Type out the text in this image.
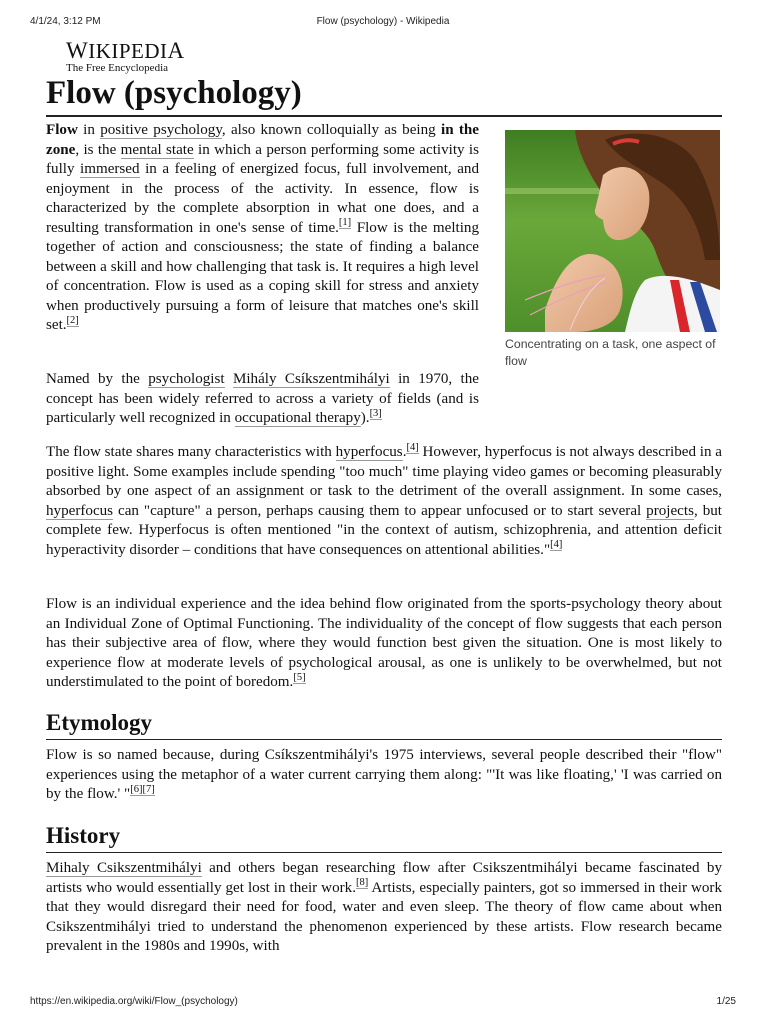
4/1/24, 3:12 PM	Flow (psychology) - Wikipedia
WIKIPEDIA
The Free Encyclopedia
Flow (psychology)

Flow in positive psychology, also known colloquially as being in the zone, is the mental state in which a person performing some activity is fully immersed in a feeling of energized focus, full involvement, and enjoyment in the process of the activity. In essence, flow is characterized by the complete absorption in what one does, and a resulting transformation in one's sense of time.[1] Flow is the melting together of action and consciousness; the state of finding a balance between a skill and how challenging that task is. It requires a high level of concentration. Flow is used as a coping skill for stress and anxiety when productively pursuing a form of leisure that matches one's skill set.[2]

Concentrating on a task, one aspect of flow

Named by the psychologist Mihály Csíkszentmihályi in 1970, the concept has been widely referred to across a variety of fields (and is particularly well recognized in occupational therapy).[3]

The flow state shares many characteristics with hyperfocus.[4] However, hyperfocus is not always described in a positive light. Some examples include spending "too much" time playing video games or becoming pleasurably absorbed by one aspect of an assignment or task to the detriment of the overall assignment. In some cases, hyperfocus can "capture" a person, perhaps causing them to appear unfocused or to start several projects, but complete few. Hyperfocus is often mentioned "in the context of autism, schizophrenia, and attention deficit hyperactivity disorder – conditions that have consequences on attentional abilities."[4]

Flow is an individual experience and the idea behind flow originated from the sports-psychology theory about an Individual Zone of Optimal Functioning. The individuality of the concept of flow suggests that each person has their subjective area of flow, where they would function best given the situation. One is most likely to experience flow at moderate levels of psychological arousal, as one is unlikely to be overwhelmed, but not understimulated to the point of boredom.[5]

Etymology

Flow is so named because, during Csíkszentmihályi's 1975 interviews, several people described their "flow" experiences using the metaphor of a water current carrying them along: "'It was like floating,' 'I was carried on by the flow.' "[6][7]

History

Mihaly Csikszentmihályi and others began researching flow after Csikszentmihályi became fascinated by artists who would essentially get lost in their work.[8] Artists, especially painters, got so immersed in their work that they would disregard their need for food, water and even sleep. The theory of flow came about when Csikszentmihályi tried to understand the phenomenon experienced by these artists. Flow research became prevalent in the 1980s and 1990s, with

https://en.wikipedia.org/wiki/Flow_(psychology)	1/25
